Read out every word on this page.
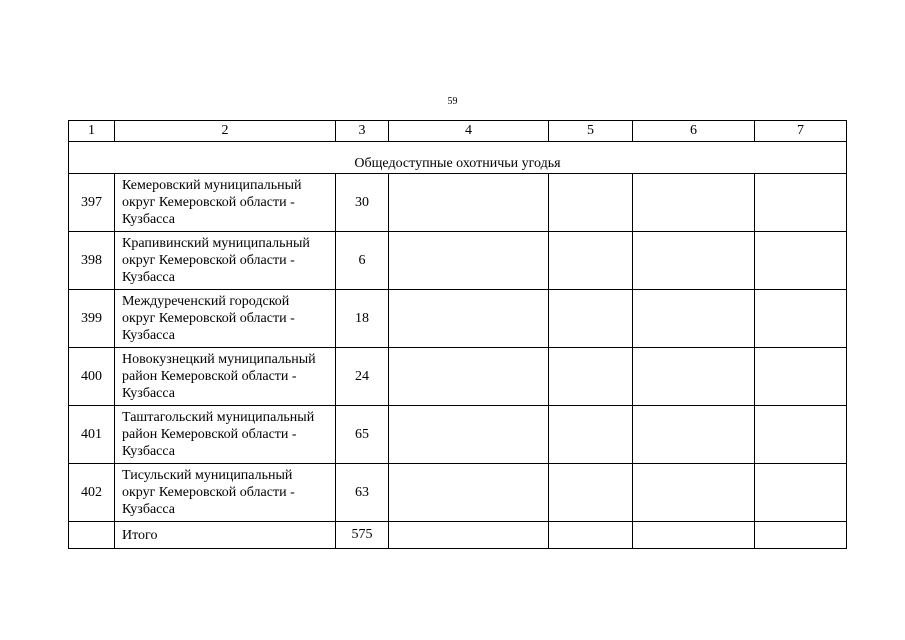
59
1	2	3	4	5	6	7
Общедоступные охотничьи угодья						
397	Кемеровский муниципальный
округ Кемеровской области -
Кузбасса	30				
398	Крапивинский муниципальный
округ Кемеровской области -
Кузбасса	6				
399	Междуреченский городской
округ Кемеровской области -
Кузбасса	18				
400	Новокузнецкий муниципальный
район Кемеровской области -
Кузбасса	24				
401	Таштагольский муниципальный
район Кемеровской области -
Кузбасса	65				
402	Тисульский муниципальный
округ Кемеровской области -
Кузбасса	63				
	Итого	575				
